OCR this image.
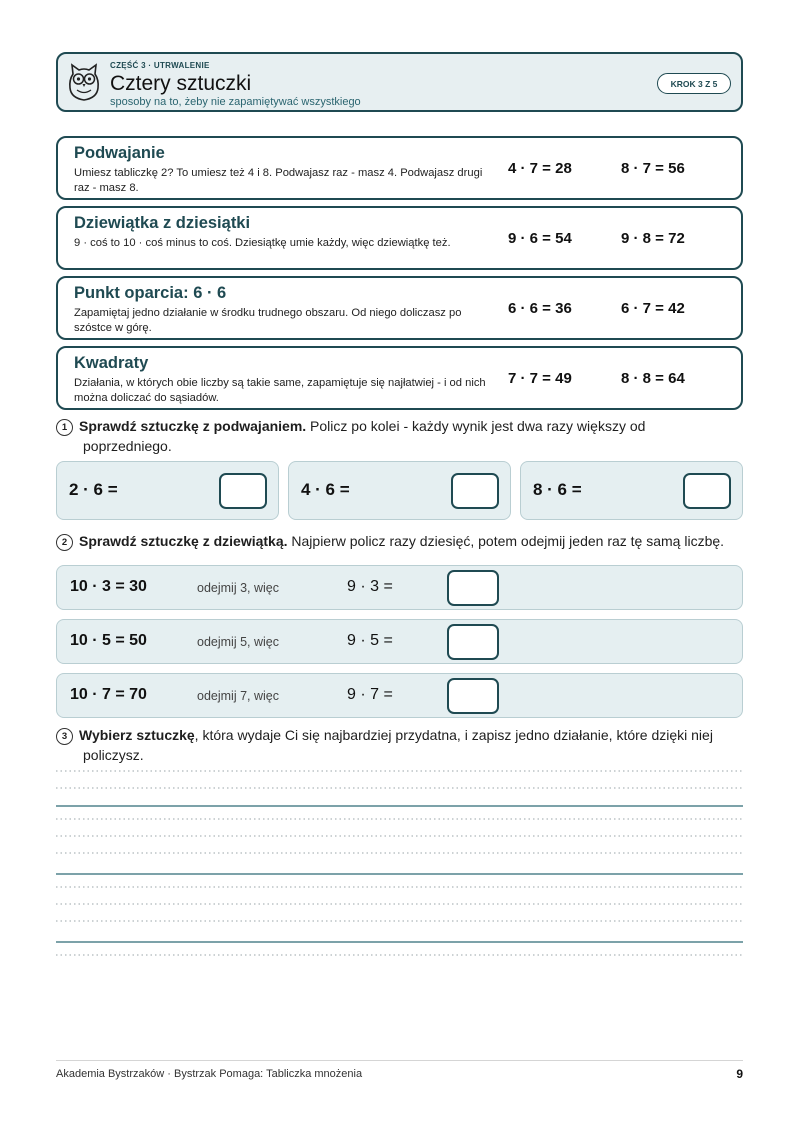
CZĘŚĆ 3 · UTRWALENIE
Cztery sztuczki
sposoby na to, żeby nie zapamiętywać wszystkiego
KROK 3 Z 5
Podwajanie
Umiesz tabliczkę 2? To umiesz też 4 i 8. Podwajasz raz - masz 4. Podwajasz drugi raz - masz 8.
4 · 7 = 28	8 · 7 = 56
Dziewiątka z dziesiątki
9 · coś to 10 · coś minus to coś. Dziesiątkę umie każdy, więc dziewiątkę też.	9 · 6 = 54	9 · 8 = 72
Punkt oparcia: 6 · 6
Zapamiętaj jedno działanie w środku trudnego obszaru. Od niego doliczasz po szóstce w górę.
6 · 6 = 36	6 · 7 = 42
Kwadraty
Działania, w których obie liczby są takie same, zapamiętuje się najłatwiej - i od nich można doliczać do sąsiadów.
7 · 7 = 49	8 · 8 = 64
1 Sprawdź sztuczkę z podwajaniem. Policz po kolei - każdy wynik jest dwa razy większy od
poprzedniego.
2 · 6 =	4 · 6 =	8 · 6 =
2 Sprawdź sztuczkę z dziewiątką. Najpierw policz razy dziesięć, potem odejmij jeden raz tę samą liczbę.
10 · 3 = 30	odejmij 3, więc	9 · 3 =
10 · 5 = 50	odejmij 5, więc	9 · 5 =
10 · 7 = 70	odejmij 7, więc	9 · 7 =
3 Wybierz sztuczkę, która wydaje Ci się najbardziej przydatna, i zapisz jedno działanie, które dzięki niej
policzysz.
Akademia Bystrzaków · Bystrzak Pomaga: Tabliczka mnożenia	9
